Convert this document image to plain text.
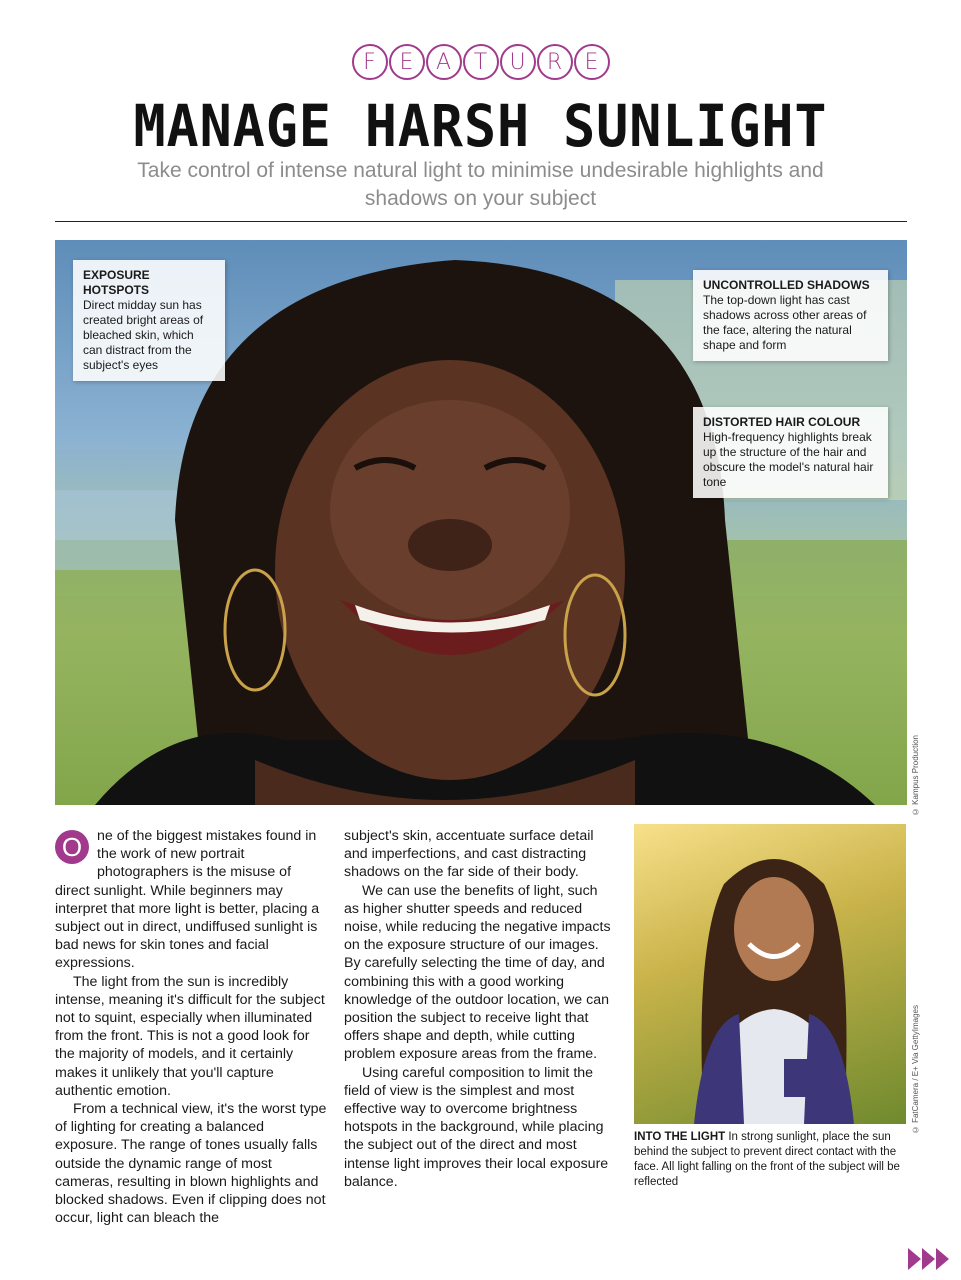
F	E	A	T	U R	E
MANAGE HARSH SUNLIGHT
Take control of intense natural light to minimise undesirable highlights and shadows on your subject
EXPOSURE HOTSPOTS
Direct midday sun has created bright areas of bleached skin, which can distract from the subject's eyes
UNCONTROLLED SHADOWS
The top-down light has cast shadows across other areas of the face, altering the natural shape and form
DISTORTED HAIR COLOUR
High-frequency highlights break up the structure of the hair and obscure the model's natural hair tone
© Kampus Production

O	ne of the biggest mistakes found in the work of new portrait photographers is the misuse of direct sunlight. While beginners may interpret that more light is better, placing a subject out in direct, undiffused sunlight is bad news for skin tones and facial expressions.

The light from the sun is incredibly intense, meaning it's difficult for the subject not to squint, especially when illuminated from the front. This is not a good look for the majority of models, and it certainly makes it unlikely that you'll capture authentic emotion.

From a technical view, it's the worst type of lighting for creating a balanced exposure. The range of tones usually falls outside the dynamic range of most cameras, resulting in blown highlights and blocked shadows. Even if clipping does not occur, light can bleach the

subject's skin, accentuate surface detail and imperfections, and cast distracting shadows on the far side of their body.

We can use the benefits of light, such as higher shutter speeds and reduced noise, while reducing the negative impacts on the exposure structure of our images. By carefully selecting the time of day, and combining this with a good working knowledge of the outdoor location, we can position the subject to receive light that offers shape and depth, while cutting problem exposure areas from the frame.

Using careful composition to limit the field of view is the simplest and most effective way to overcome brightness hotspots in the background, while placing the subject out of the direct and most intense light improves their local exposure balance.

© FatCamera / E+ Via GettyImages
INTO THE LIGHT In strong sunlight, place the sun behind the subject to prevent direct contact with the face. All light falling on the front of the subject will be reflected
